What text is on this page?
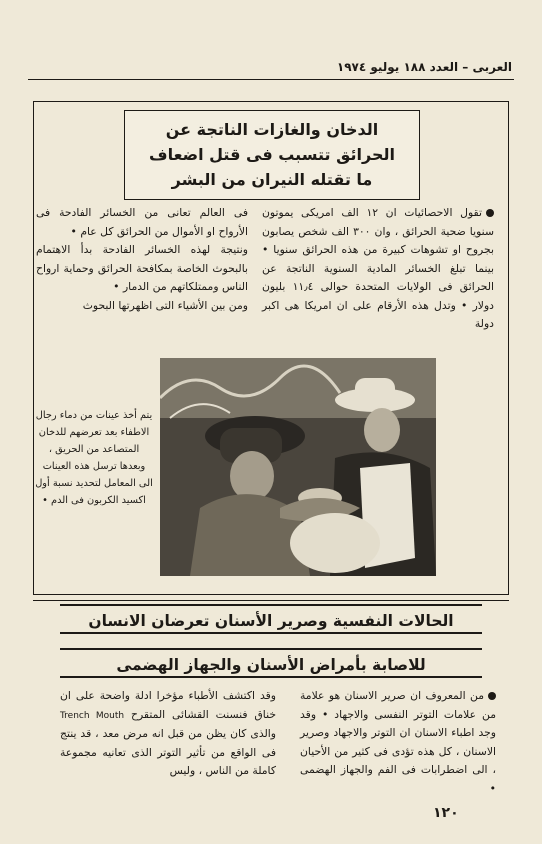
العربى – العدد ١٨٨ يوليو ١٩٧٤
الدخان والغازات الناتجة عن
الحرائق تتسبب فى قتل اضعاف
ما تقتله النيران من البشر

تقول الاحصائيات ان ١٢ الف امريكى يموتون سنويا ضحية الحرائق ، وان ٣٠٠ الف شخص يصابون بجروح او تشوهات كبيرة من هذه الحرائق سنويا • بينما تبلغ الخسائر المادية السنوية الناتجة عن الحرائق فى الولايات المتحدة حوالى ١١٫٤ بليون دولار • وتدل هذه الأرقام على ان امريكا هى اكبر دولة

فى العالم تعانى من الخسائر الفادحة فى الأرواح او الأموال من الحرائق كل عام •

ونتيجة لهذه الخسائر الفادحة بدأ الاهتمام بالبحوث الخاصة بمكافحة الحرائق وحماية ارواح الناس وممتلكاتهم من الدمار •

ومن بين الأشياء التى اظهرتها البحوث

يتم أخذ عينات من دماء رجال الاطفاء بعد تعرضهم للدخان المتصاعد من الحريق ، وبعدها ترسل هذه العينات الى المعامل لتحديد نسبة أول اكسيد الكربون فى الدم •
الحالات النفسية وصرير الأسنان تعرضان الانسان
للاصابة بأمراض الأسنان والجهاز الهضمى

من المعروف ان صرير الاسنان هو علامة من علامات التوتر النفسى والاجهاد • وقد وجد اطباء الاسنان ان التوتر والاجهاد وصرير الاسنان ، كل هذه تؤدى فى كثير من الأحيان ، الى اضطرابات فى الفم والجهاز الهضمى •

وقد اكتشف الأطباء مؤخرا ادلة واضحة على ان خناق فنسنت القشائى المتقرح Trench Mouth والذى كان يظن من قبل انه مرض معد ، قد ينتج فى الواقع من تأثير التوتر الذى تعانيه مجموعة كاملة من الناس ، وليس

١٢٠
